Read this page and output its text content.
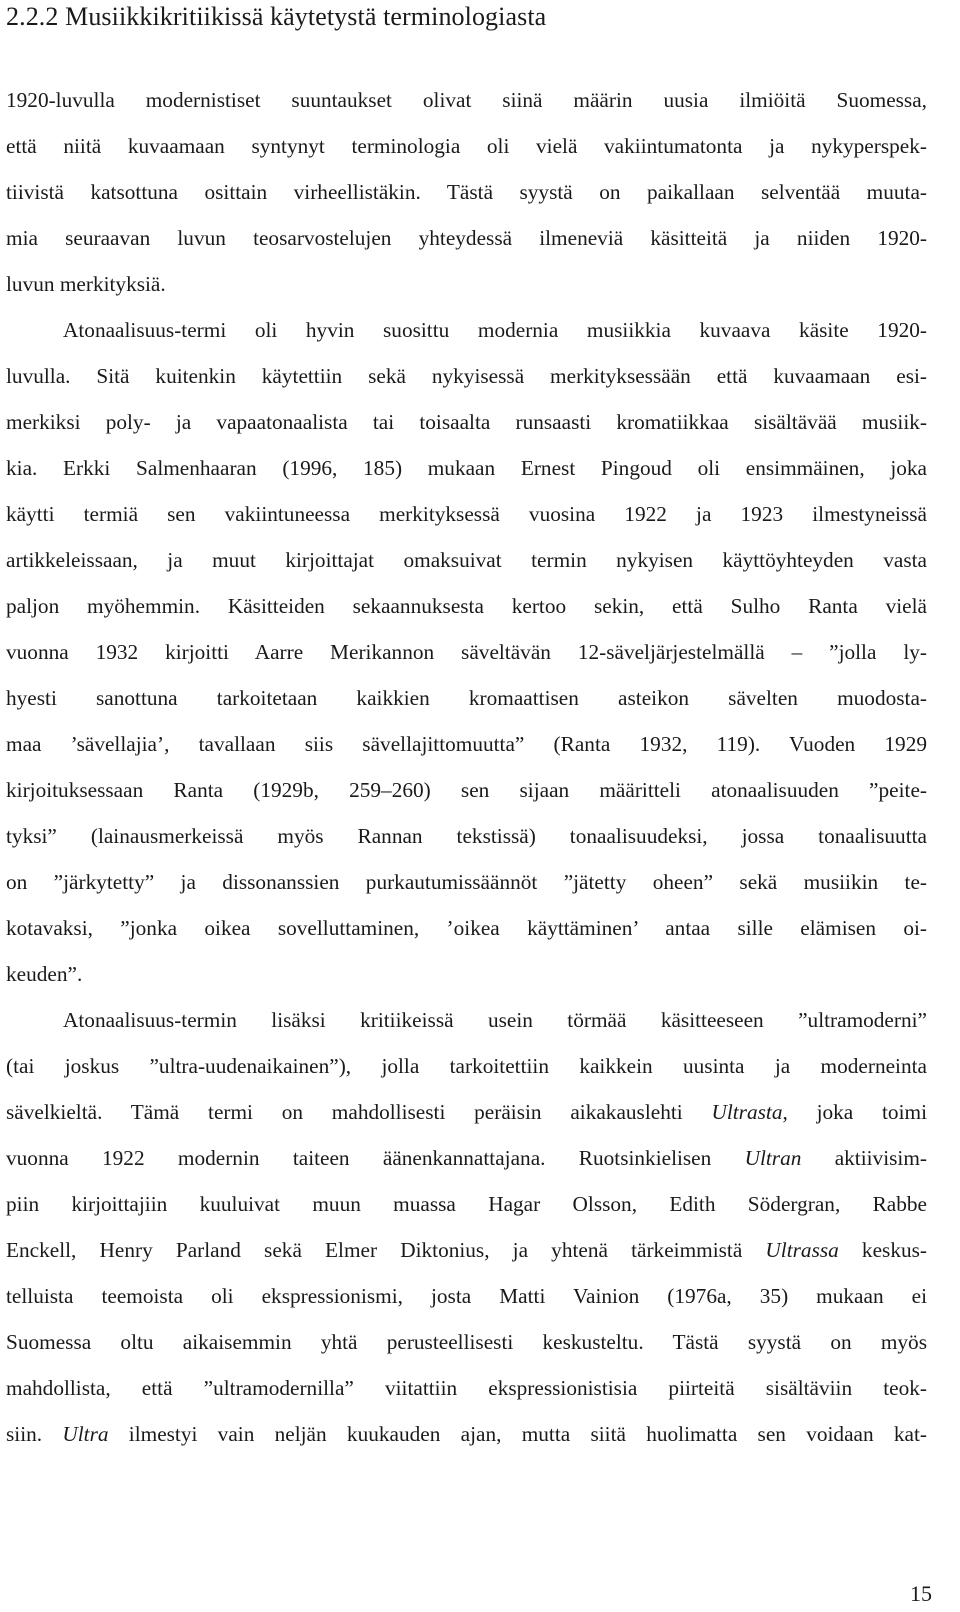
2.2.2 Musiikkikritiikissä käytetystä terminologiasta
1920-luvulla modernistiset suuntaukset olivat siinä määrin uusia ilmiöitä Suomessa,
että niitä kuvaamaan syntynyt terminologia oli vielä vakiintumatonta ja nykyperspek-
tiivistä katsottuna osittain virheellistäkin. Tästä syystä on paikallaan selventää muuta-
mia seuraavan luvun teosarvostelujen yhteydessä ilmeneviä käsitteitä ja niiden 1920-
luvun merkityksiä.
Atonaalisuus-termi oli hyvin suosittu modernia musiikkia kuvaava käsite 1920-
luvulla. Sitä kuitenkin käytettiin sekä nykyisessä merkityksessään että kuvaamaan esi-
merkiksi poly- ja vapaatonaalista tai toisaalta runsaasti kromatiikkaa sisältävää musiik-
kia. Erkki Salmenhaaran (1996, 185) mukaan Ernest Pingoud oli ensimmäinen, joka
käytti termiä sen vakiintuneessa merkityksessä vuosina 1922 ja 1923 ilmestyneissä
artikkeleissaan, ja muut kirjoittajat omaksuivat termin nykyisen käyttöyhteyden vasta
paljon myöhemmin. Käsitteiden sekaannuksesta kertoo sekin, että Sulho Ranta vielä
vuonna 1932 kirjoitti Aarre Merikannon säveltävän 12-säveljärjestelmällä – ”jolla ly-
hyesti sanottuna tarkoitetaan kaikkien kromaattisen asteikon sävelten muodosta-
maa ’sävellajia’, tavallaan siis sävellajittomuutta” (Ranta 1932, 119). Vuoden 1929
kirjoituksessaan Ranta (1929b, 259–260) sen sijaan määritteli atonaalisuuden ”peite-
tyksi” (lainausmerkeissä myös Rannan tekstissä) tonaalisuudeksi, jossa tonaalisuutta
on ”järkytetty” ja dissonanssien purkautumissäännöt ”jätetty oheen” sekä musiikin te-
kotavaksi, ”jonka oikea sovelluttaminen, ’oikea käyttäminen’ antaa sille elämisen oi-
keuden”.
Atonaalisuus-termin lisäksi kritiikeissä usein törmää käsitteeseen ”ultramoderni”
(tai joskus ”ultra-uudenaikainen”), jolla tarkoitettiin kaikkein uusinta ja moderneinta
sävelkieltä. Tämä termi on mahdollisesti peräisin aikakauslehti Ultrasta, joka toimi
vuonna 1922 modernin taiteen äänenkannattajana. Ruotsinkielisen Ultran aktiivisim-
piin kirjoittajiin kuuluivat muun muassa Hagar Olsson, Edith Södergran, Rabbe
Enckell, Henry Parland sekä Elmer Diktonius, ja yhtenä tärkeimmistä Ultrassa keskus-
telluista teemoista oli ekspressionismi, josta Matti Vainion (1976a, 35) mukaan ei
Suomessa oltu aikaisemmin yhtä perusteellisesti keskusteltu. Tästä syystä on myös
mahdollista, että ”ultramodernilla” viitattiin ekspressionistisia piirteitä sisältäviin teok-
siin. Ultra ilmestyi vain neljän kuukauden ajan, mutta siitä huolimatta sen voidaan kat-
15
